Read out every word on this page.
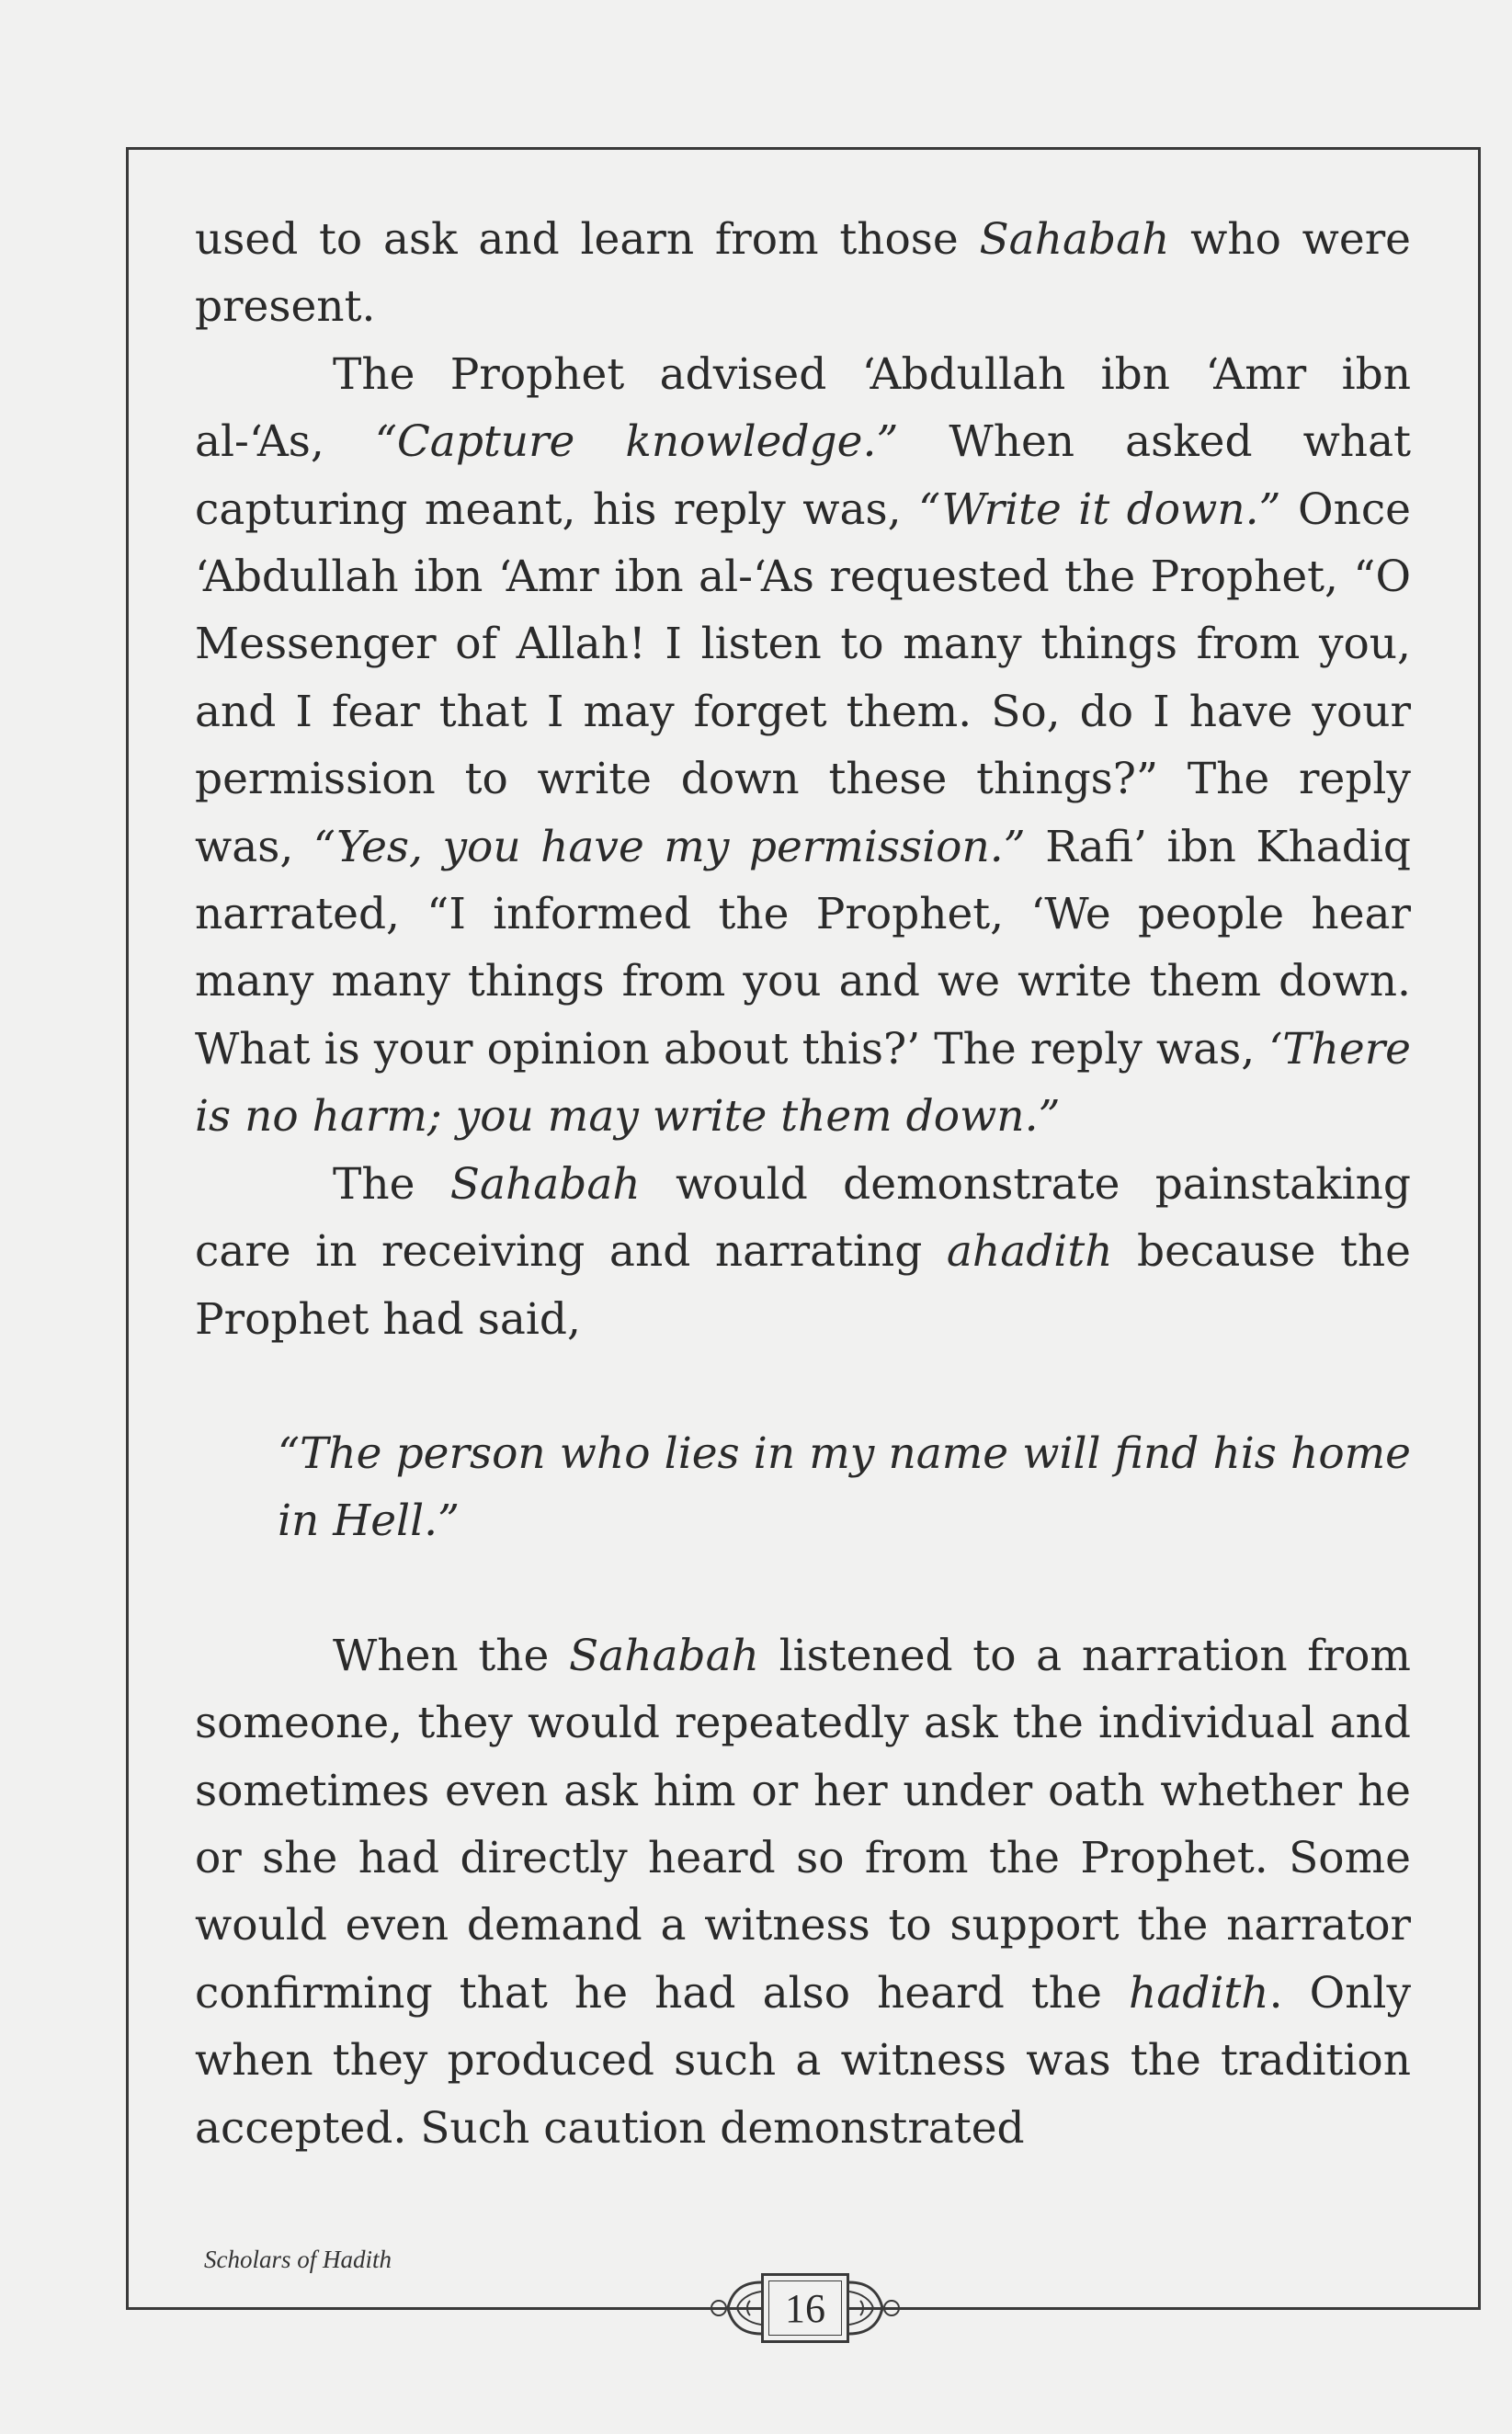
used to ask and learn from those Sahabah who were present.

The Prophet advised ‘Abdullah ibn ‘Amr ibn al-‘As, “Capture knowledge.” When asked what capturing meant, his reply was, “Write it down.” Once ‘Abdullah ibn ‘Amr ibn al-‘As requested the Prophet, “O Messenger of Allah! I listen to many things from you, and I fear that I may forget them. So, do I have your permission to write down these things?” The reply was, “Yes, you have my permission.” Rafi’ ibn Khadiq narrated, “I informed the Prophet, ‘We people hear many many things from you and we write them down. What is your opinion about this?’ The reply was, ‘There is no harm; you may write them down.”

The Sahabah would demonstrate painstaking care in receiving and narrating ahadith because the Prophet had said,

“The person who lies in my name will find his home in Hell.”

When the Sahabah listened to a narration from someone, they would repeatedly ask the individual and sometimes even ask him or her under oath whether he or she had directly heard so from the Prophet. Some would even demand a witness to support the narrator confirming that he had also heard the hadith. Only when they produced such a witness was the tradition accepted. Such caution demonstrated

Scholars of Hadith
16
